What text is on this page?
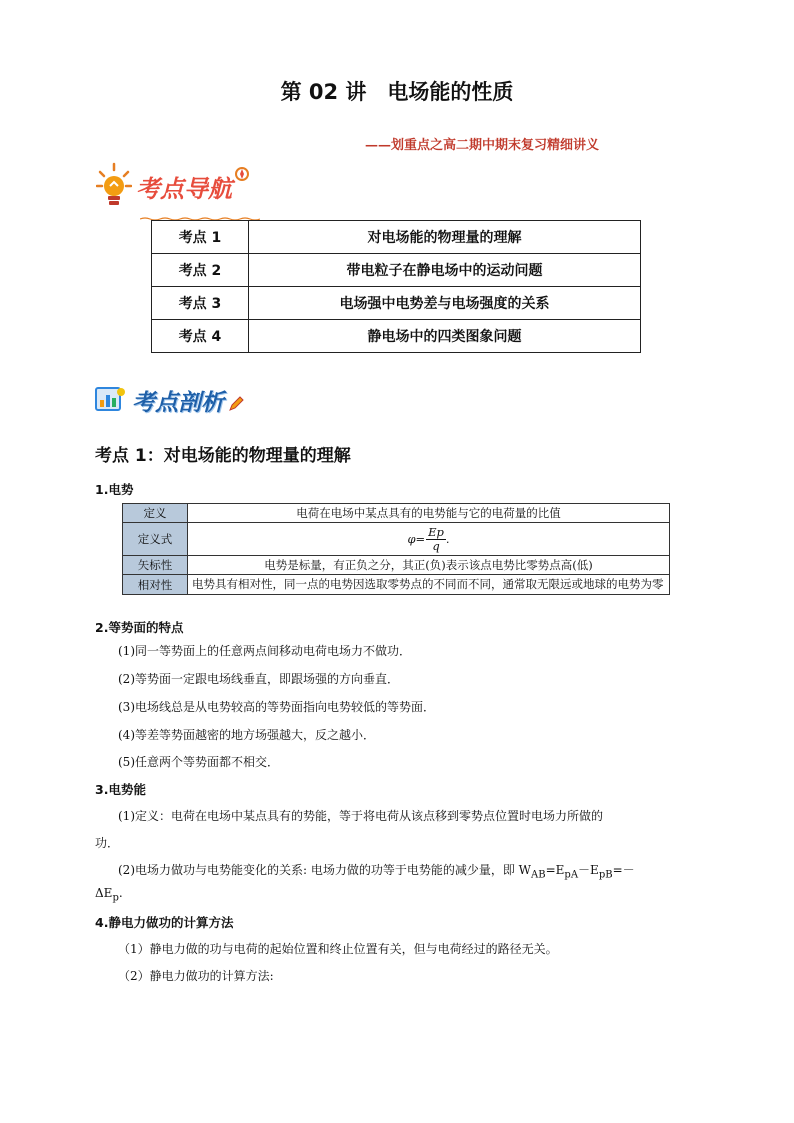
第 02 讲　电场能的性质
——划重点之高二期中期末复习精细讲义
考点导航
考点 1	对电场能的物理量的理解
考点 2	带电粒子在静电场中的运动问题
考点 3	电场强中电势差与电场强度的关系
考点 4	静电场中的四类图象问题
考点剖析
考点 1：对电场能的物理量的理解
1.电势
定义	电荷在电场中某点具有的电势能与它的电荷量的比值
定义式	$\varphi= \frac{Ep}{q}$ .

矢标性	电势是标量，有正负之分，其正(负)表示该点电势比零势点高(低)
相对性	电势具有相对性，同一点的电势因选取零势点的不同而不同，通常取无限远或地球的电势为零
2.等势面的特点
(1)同一等势面上的任意两点间移动电荷电场力不做功．
(2)等势面一定跟电场线垂直，即跟场强的方向垂直．
(3)电场线总是从电势较高的等势面指向电势较低的等势面．
(4)等差等势面越密的地方场强越大，反之越小．
(5)任意两个等势面都不相交．
3.电势能
(1)定义：电荷在电场中某点具有的势能，等于将电荷从该点移到零势点位置时电场力所做的
功．
(2)电场力做功与电势能变化的关系: 电场力做的功等于电势能的减少量，即 $W_{AB}=E_{pA}-E_{pB}=-$
$\Delta E_p$.
4.静电力做功的计算方法
（1）静电力做的功与电荷的起始位置和终止位置有关，但与电荷经过的路径无关。
（2）静电力做功的计算方法:
